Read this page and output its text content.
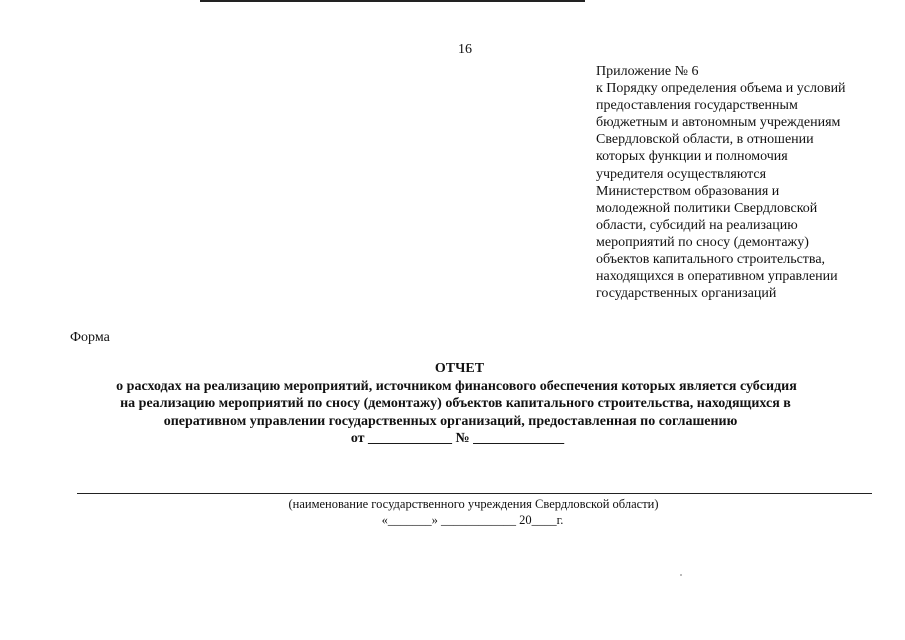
16
Приложение № 6
к Порядку определения объема и условий
предоставления государственным
бюджетным и автономным учреждениям
Свердловской области, в отношении
которых функции и полномочия
учредителя осуществляются
Министерством образования и
молодежной политики Свердловской
области, субсидий на реализацию
мероприятий по сносу (демонтажу)
объектов капитального строительства,
находящихся в оперативном управлении
государственных организаций
Форма
ОТЧЕТ
о расходах на реализацию мероприятий, источником финансового обеспечения которых является субсидия
на реализацию мероприятий по сносу (демонтажу) объектов капитального строительства, находящихся в
оперативном управлении государственных организаций, предоставленная по соглашению
от ____________ № _____________
(наименование государственного учреждения Свердловской области)
«_______» ____________ 20____г.
